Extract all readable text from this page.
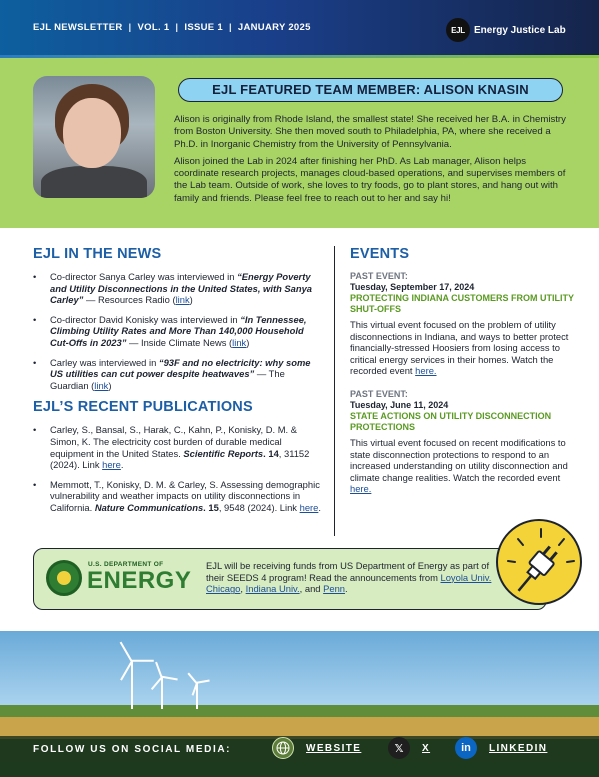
EJL NEWSLETTER | VOL. 1 | ISSUE 1 | JANUARY 2025	EJL Energy Justice Lab
EJL FEATURED TEAM MEMBER: ALISON KNASIN

Alison is originally from Rhode Island, the smallest state! She received her B.A. in Chemistry from Boston University. She then moved south to Philadelphia, PA, where she received a Ph.D. in Inorganic Chemistry from the University of Pennsylvania.

Alison joined the Lab in 2024 after finishing her PhD. As Lab manager, Alison helps coordinate research projects, manages cloud-based operations, and supervises members of the Lab team. Outside of work, she loves to try foods, go to plant stores, and hang out with family and friends. Please feel free to reach out to her and say hi!

EJL IN THE NEWS
• Co-director Sanya Carley was interviewed in “Energy Poverty and Utility Disconnections in the United States, with Sanya Carley” — Resources Radio (link)
• Co-director David Konisky was interviewed in “In Tennessee, Climbing Utility Rates and More Than 140,000 Household Cut-Offs in 2023” — Inside Climate News (link)
• Carley was interviewed in “93F and no electricity: why some US utilities can cut power despite heatwaves” — The Guardian (link)
EJL’S RECENT PUBLICATIONS
• Carley, S., Bansal, S., Harak, C., Kahn, P., Konisky, D. M. & Simon, K. The electricity cost burden of durable medical equipment in the United States. Scientific Reports. 14, 31152 (2024). Link here.
• Memmott, T., Konisky, D. M. & Carley, S. Assessing demographic vulnerability and weather impacts on utility disconnections in California. Nature Communications. 15, 9548 (2024). Link here.
EVENTS
PAST EVENT:
Tuesday, September 17, 2024
PROTECTING INDIANA CUSTOMERS FROM UTILITY SHUT-OFFS
This virtual event focused on the problem of utility disconnections in Indiana, and ways to better protect financially-stressed Hoosiers from losing access to critical energy services in their homes. Watch the recorded event here.
PAST EVENT:
Tuesday, June 11, 2024
STATE ACTIONS ON UTILITY DISCONNECTION PROTECTIONS
This virtual event focused on recent modifications to state disconnection protections to respond to an increased understanding on utility disconnection and climate change realities. Watch the recorded event here.
U.S. DEPARTMENT OF
ENERGY
EJL will be receiving funds from US Department of Energy as part of their SEEDS 4 program! Read the announcements from Loyola Univ. Chicago, Indiana Univ., and Penn.
FOLLOW US ON SOCIAL MEDIA:	WEBSITE	𝕏	X	in	LINKEDIN
